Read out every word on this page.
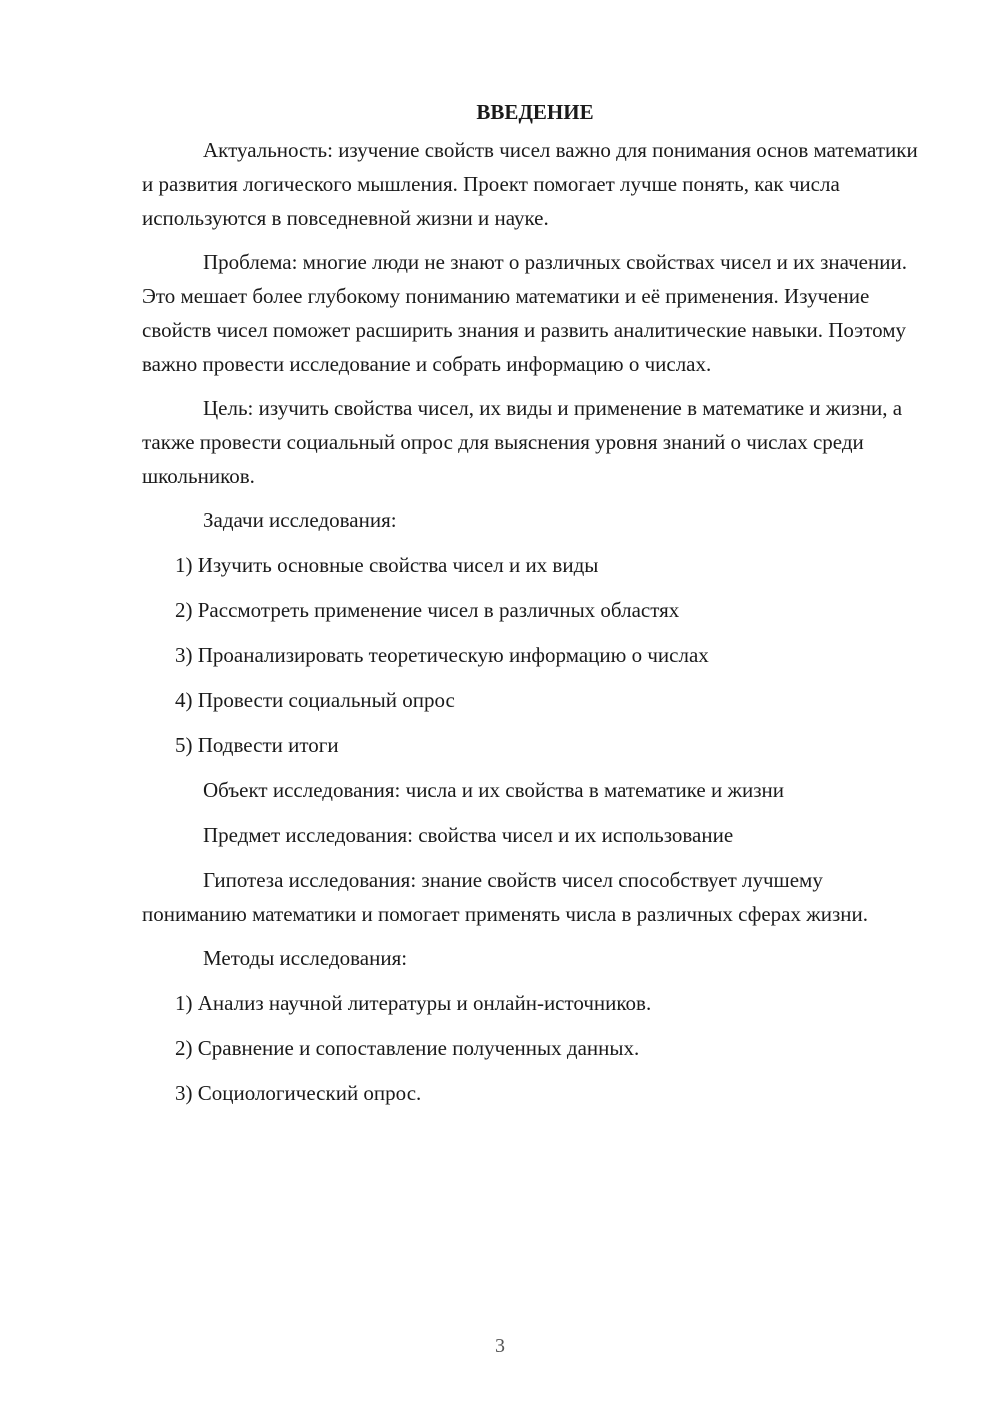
ВВЕДЕНИЕ

Актуальность: изучение свойств чисел важно для понимания основ математики и развития логического мышления. Проект помогает лучше понять, как числа используются в повседневной жизни и науке.

Проблема: многие люди не знают о различных свойствах чисел и их значении. Это мешает более глубокому пониманию математики и её применения. Изучение свойств чисел поможет расширить знания и развить аналитические навыки. Поэтому важно провести исследование и собрать информацию о числах.

Цель: изучить свойства чисел, их виды и применение в математике и жизни, а также провести социальный опрос для выяснения уровня знаний о числах среди школьников.

Задачи исследования:
1) Изучить основные свойства чисел и их виды
2) Рассмотреть применение чисел в различных областях
3) Проанализировать теоретическую информацию о числах
4) Провести социальный опрос
5) Подвести итоги
Объект исследования: числа и их свойства в математике и жизни
Предмет исследования: свойства чисел и их использование

Гипотеза исследования: знание свойств чисел способствует лучшему пониманию математики и помогает применять числа в различных сферах жизни.

Методы исследования:
1) Анализ научной литературы и онлайн-источников.
2) Сравнение и сопоставление полученных данных.
3) Социологический опрос.
3
